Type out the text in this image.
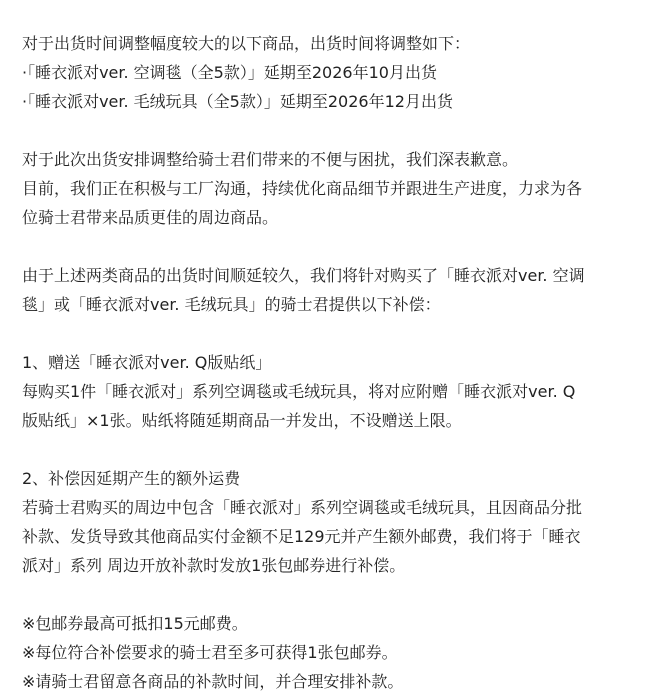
对于出货时间调整幅度较大的以下商品，出货时间将调整如下：
·「睡衣派对ver. 空调毯（全5款）」延期至2026年10月出货
·「睡衣派对ver. 毛绒玩具（全5款）」延期至2026年12月出货
对于此次出货安排调整给骑士君们带来的不便与困扰，我们深表歉意。
目前，我们正在积极与工厂沟通，持续优化商品细节并跟进生产进度，力求为各
位骑士君带来品质更佳的周边商品。
由于上述两类商品的出货时间顺延较久，我们将针对购买了「睡衣派对ver. 空调
毯」或「睡衣派对ver. 毛绒玩具」的骑士君提供以下补偿：
1、赠送「睡衣派对ver. Q版贴纸」
每购买1件「睡衣派对」系列空调毯或毛绒玩具，将对应附赠「睡衣派对ver. Q
版贴纸」×1张。贴纸将随延期商品一并发出，不设赠送上限。
2、补偿因延期产生的额外运费
若骑士君购买的周边中包含「睡衣派对」系列空调毯或毛绒玩具，且因商品分批
补款、发货导致其他商品实付金额不足129元并产生额外邮费，我们将于「睡衣
派对」系列 周边开放补款时发放1张包邮券进行补偿。
※包邮券最高可抵扣15元邮费。
※每位符合补偿要求的骑士君至多可获得1张包邮券。
※请骑士君留意各商品的补款时间，并合理安排补款。
